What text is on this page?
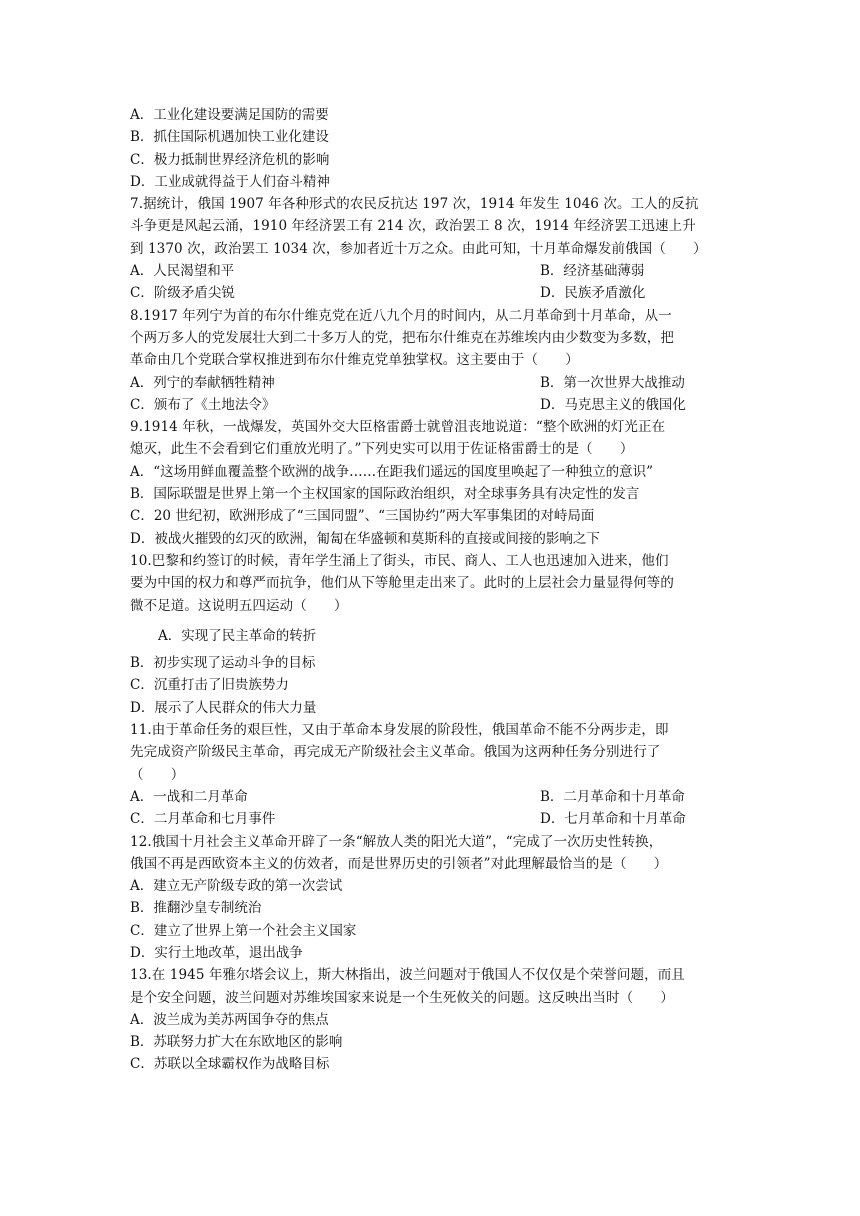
A．工业化建设要满足国防的需要
B．抓住国际机遇加快工业化建设
C．极力抵制世界经济危机的影响
D．工业成就得益于人们奋斗精神
7.据统计，俄国 1907 年各种形式的农民反抗达 197 次，1914 年发生 1046 次。工人的反抗
斗争更是风起云涌，1910 年经济罢工有 214 次，政治罢工 8 次，1914 年经济罢工迅速上升
到 1370 次，政治罢工 1034 次，参加者近十万之众。由此可知，十月革命爆发前俄国（　　）
A．人民渴望和平	B．经济基础薄弱
C．阶级矛盾尖锐	D．民族矛盾激化
8.1917 年列宁为首的布尔什维克党在近八九个月的时间内，从二月革命到十月革命，从一
个两万多人的党发展壮大到二十多万人的党，把布尔什维克在苏维埃内由少数变为多数，把
革命由几个党联合掌权推进到布尔什维克党单独掌权。这主要由于（　　）
A．列宁的奉献牺牲精神	B．第一次世界大战推动
C．颁布了《土地法令》	D．马克思主义的俄国化
9.1914 年秋，一战爆发，英国外交大臣格雷爵士就曾沮丧地说道：“整个欧洲的灯光正在
熄灭，此生不会看到它们重放光明了。”下列史实可以用于佐证格雷爵士的是（　　）
A．“这场用鲜血覆盖整个欧洲的战争……在距我们遥远的国度里唤起了一种独立的意识”
B．国际联盟是世界上第一个主权国家的国际政治组织，对全球事务具有决定性的发言
C．20 世纪初，欧洲形成了“三国同盟”、“三国协约”两大军事集团的对峙局面
D．被战火摧毁的幻灭的欧洲，匍匐在华盛顿和莫斯科的直接或间接的影响之下
10.巴黎和约签订的时候，青年学生涌上了街头，市民、商人、工人也迅速加入进来，他们
要为中国的权力和尊严而抗争，他们从下等舱里走出来了。此时的上层社会力量显得何等的
微不足道。这说明五四运动（　　）
A．实现了民主革命的转折
B．初步实现了运动斗争的目标
C．沉重打击了旧贵族势力
D．展示了人民群众的伟大力量
11.由于革命任务的艰巨性，又由于革命本身发展的阶段性，俄国革命不能不分两步走，即
先完成资产阶级民主革命，再完成无产阶级社会主义革命。俄国为这两种任务分别进行了
（　　）
A．一战和二月革命	B．二月革命和十月革命
C．二月革命和七月事件	D．七月革命和十月革命
12.俄国十月社会主义革命开辟了一条“解放人类的阳光大道”，“完成了一次历史性转换，
俄国不再是西欧资本主义的仿效者，而是世界历史的引领者”对此理解最恰当的是（　　）
A．建立无产阶级专政的第一次尝试
B．推翻沙皇专制统治
C．建立了世界上第一个社会主义国家
D．实行土地改革，退出战争
13.在 1945 年雅尔塔会议上，斯大林指出，波兰问题对于俄国人不仅仅是个荣誉问题，而且
是个安全问题，波兰问题对苏维埃国家来说是一个生死攸关的问题。这反映出当时（　　）
A．波兰成为美苏两国争夺的焦点
B．苏联努力扩大在东欧地区的影响
C．苏联以全球霸权作为战略目标
